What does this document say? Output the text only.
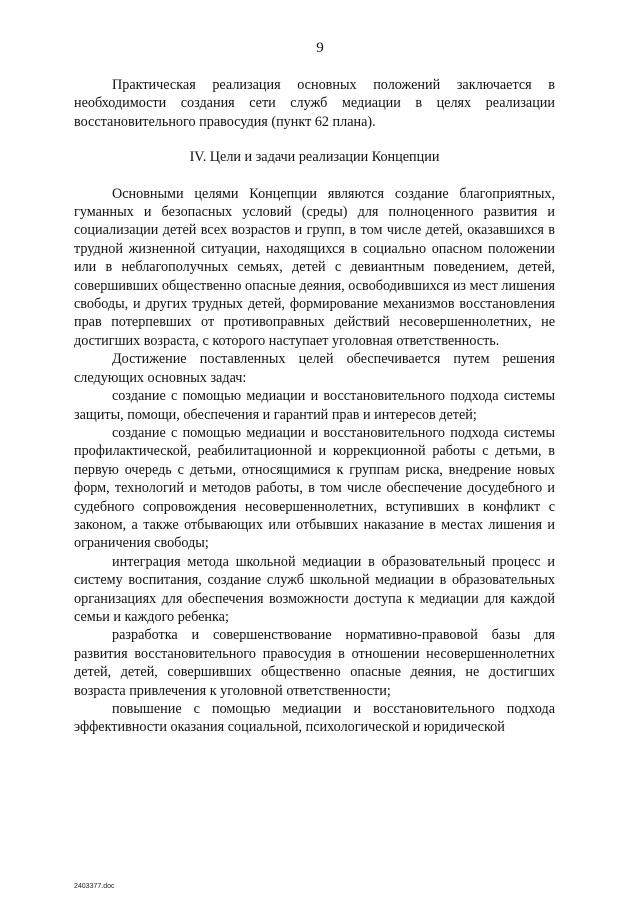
9

Практическая реализация основных положений заключается в необходимости создания сети служб медиации в целях реализации восстановительного правосудия (пункт 62 плана).

IV. Цели и задачи реализации Концепции

Основными целями Концепции являются создание благоприятных, гуманных и безопасных условий (среды) для полноценного развития и социализации детей всех возрастов и групп, в том числе детей, оказавшихся в трудной жизненной ситуации, находящихся в социально опасном положении или в неблагополучных семьях, детей с девиантным поведением, детей, совершивших общественно опасные деяния, освободившихся из мест лишения свободы, и других трудных детей, формирование механизмов восстановления прав потерпевших от противоправных действий несовершеннолетних, не достигших возраста, с которого наступает уголовная ответственность.

Достижение поставленных целей обеспечивается путем решения следующих основных задач:

создание с помощью медиации и восстановительного подхода системы защиты, помощи, обеспечения и гарантий прав и интересов детей;

создание с помощью медиации и восстановительного подхода системы профилактической, реабилитационной и коррекционной работы с детьми, в первую очередь с детьми, относящимися к группам риска, внедрение новых форм, технологий и методов работы, в том числе обеспечение досудебного и судебного сопровождения несовершеннолетних, вступивших в конфликт с законом, а также отбывающих или отбывших наказание в местах лишения и ограничения свободы;

интеграция метода школьной медиации в образовательный процесс и систему воспитания, создание служб школьной медиации в образовательных организациях для обеспечения возможности доступа к медиации для каждой семьи и каждого ребенка;

разработка и совершенствование нормативно-правовой базы для развития восстановительного правосудия в отношении несовершеннолетних детей, детей, совершивших общественно опасные деяния, не достигших возраста привлечения к уголовной ответственности;

повышение с помощью медиации и восстановительного подхода эффективности оказания социальной, психологической и юридической

2403377.doc
